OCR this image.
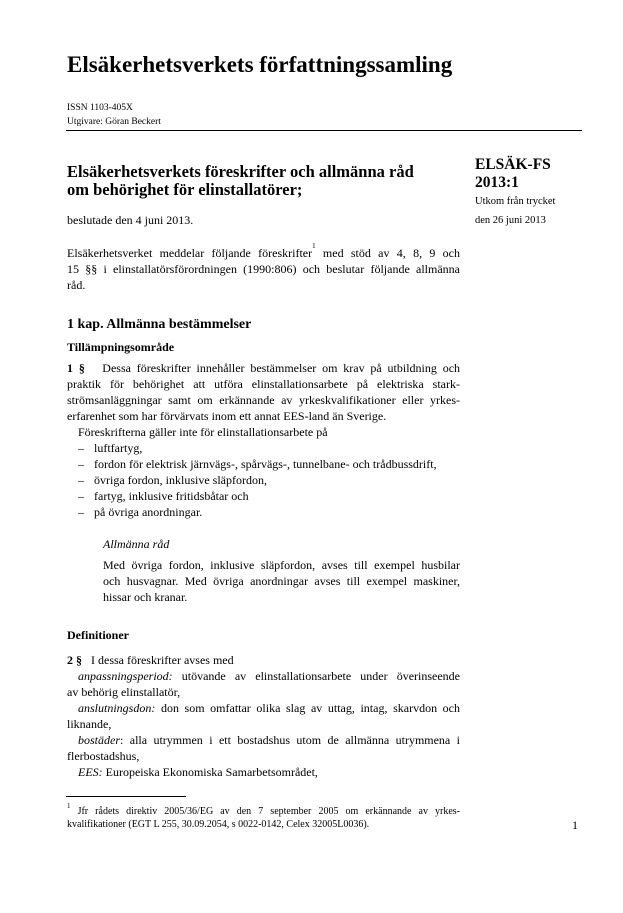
Elsäkerhetsverkets författningssamling
ISSN 1103-405X
Utgivare: Göran Beckert
Elsäkerhetsverkets föreskrifter och allmänna råd
om behörighet för elinstallatörer;
ELSÄK-FS
2013:1
Utkom från trycket
den 26 juni 2013
beslutade den 4 juni 2013.
Elsäkerhetsverket meddelar följande föreskrifter$^1$ med stöd av 4, 8, 9 och
15 §§ i elinstallatörsförordningen (1990:806) och beslutar följande allmänna
råd.
1 kap. Allmänna bestämmelser
Tillämpningsområde
1 § Dessa föreskrifter innehåller bestämmelser om krav på utbildning och
praktik för behörighet att utföra elinstallationsarbete på elektriska stark-
strömsanläggningar samt om erkännande av yrkeskvalifikationer eller yrkes-
erfarenhet som har förvärvats inom ett annat EES-land än Sverige.
Föreskrifterna gäller inte för elinstallationsarbete på
– luftfartyg,
– fordon för elektrisk järnvägs-, spårvägs-, tunnelbane- och trådbussdrift,
– övriga fordon, inklusive släpfordon,
– fartyg, inklusive fritidsbåtar och
– på övriga anordningar.
Allmänna råd
Med övriga fordon, inklusive släpfordon, avses till exempel husbilar
och husvagnar. Med övriga anordningar avses till exempel maskiner,
hissar och kranar.
Definitioner
2 § I dessa föreskrifter avses med
anpassningsperiod: utövande av elinstallationsarbete under överinseende
av behörig elinstallatör,
anslutningsdon: don som omfattar olika slag av uttag, intag, skarvdon och
liknande,
bostäder: alla utrymmen i ett bostadshus utom de allmänna utrymmena i
flerbostadshus,
EES: Europeiska Ekonomiska Samarbetsområdet,
$^1$ Jfr rådets direktiv 2005/36/EG av den 7 september 2005 om erkännande av yrkes-
kvalifikationer (EGT L 255, 30.09.2054, s 0022-0142, Celex 32005L0036).	1
